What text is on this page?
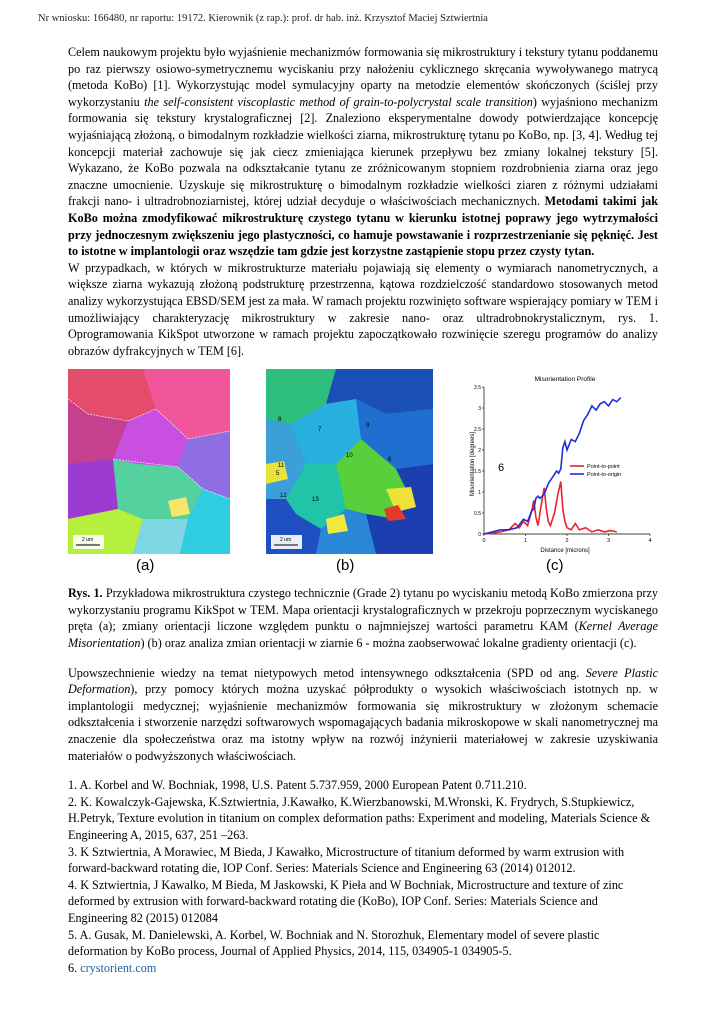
Nr wniosku: 166480, nr raportu: 19172. Kierownik (z rap.): prof. dr hab. inż. Krzysztof Maciej Sztwiertnia

Celem naukowym projektu było wyjaśnienie mechanizmów formowania się mikrostruktury i tekstury tytanu poddanemu po raz pierwszy osiowo-symetrycznemu wyciskaniu przy nałożeniu cyklicznego skręcania wywoływanego matrycą (metoda KoBo) [1]. Wykorzystując model symulacyjny oparty na metodzie elementów skończonych (ściślej przy wykorzystaniu the self-consistent viscoplastic method of grain-to-polycrystal scale transition) wyjaśniono mechanizm formowania się tekstury krystalograficznej [2]. Znaleziono eksperymentalne dowody potwierdzające koncepcję wyjaśniającą złożoną, o bimodalnym rozkładzie wielkości ziarna, mikrostrukturę tytanu po KoBo, np. [3, 4]. Według tej koncepcji materiał zachowuje się jak ciecz zmieniająca kierunek przepływu bez zmiany lokalnej tekstury [5]. Wykazano, że KoBo pozwala na odkształcanie tytanu ze zróżnicowanym stopniem rozdrobnienia ziarna oraz jego znaczne umocnienie. Uzyskuje się mikrostrukturę o bimodalnym rozkładzie wielkości ziaren z różnymi udziałami frakcji nano- i ultradrobnoziarnistej, której udział decyduje o właściwościach mechanicznych. Metodami takimi jak KoBo można zmodyfikować mikrostrukturę czystego tytanu w kierunku istotnej poprawy jego wytrzymałości przy jednoczesnym zwiększeniu jego plastyczności, co hamuje powstawanie i rozprzestrzenianie się pęknięć. Jest to istotne w implantologii oraz wszędzie tam gdzie jest korzystne zastąpienie stopu przez czysty tytan.

W przypadkach, w których w mikrostrukturze materiału pojawiają się elementy o wymiarach nanometrycznych, a większe ziarna wykazują złożoną podstrukturę przestrzenna, kątowa rozdzielczość standardowo stosowanych metod analizy wykorzystująca EBSD/SEM jest za mała. W ramach projektu rozwinięto software wspierający pomiary w TEM i umożliwiający charakteryzację mikrostruktury w zakresie nano- oraz ultradrobnokrystalicznym, rys. 1. Oprogramowania KikSpot utworzone w ramach projektu zapoczątkowało rozwinięcie szeregu programów do analizy obrazów dyfrakcyjnych w TEM [6].

2 um
5
6
7
8
9
10
11
12
13
2 um
Misorientation Profile
Misorientation [degrees]
Distance [microns]
6
0	1	2	3	4
0
0.5
1
1.5
2
2.5
3
3.5
Point-to-point
Point-to-origin
(a)	(b)	(c)

Rys. 1. Przykładowa mikrostruktura czystego technicznie (Grade 2) tytanu po wyciskaniu metodą KoBo zmierzona przy wykorzystaniu programu KikSpot w TEM. Mapa orientacji krystalograficznych w przekroju poprzecznym wyciskanego pręta (a); zmiany orientacji liczone względem punktu o najmniejszej wartości parametru KAM (Kernel Average Misorientation) (b) oraz analiza zmian orientacji w ziarnie 6 - można zaobserwować lokalne gradienty orientacji (c).

Upowszechnienie wiedzy na temat nietypowych metod intensywnego odkształcenia (SPD od ang. Severe Plastic Deformation), przy pomocy których można uzyskać półprodukty o wysokich właściwościach istotnych np. w implantologii medycznej; wyjaśnienie mechanizmów formowania się mikrostruktury w złożonym schemacie odkształcenia i stworzenie narzędzi softwarowych wspomagających badania mikroskopowe w skali nanometrycznej ma znaczenie dla społeczeństwa oraz ma istotny wpływ na rozwój inżynierii materiałowej w zakresie uzyskiwania materiałów o podwyższonych właściwościach.

1. A. Korbel and W. Bochniak, 1998, U.S. Patent 5.737.959, 2000 European Patent 0.711.210.

2. K. Kowalczyk-Gajewska, K.Sztwiertnia, J.Kawałko, K.Wierzbanowski, M.Wronski, K. Frydrych, S.Stupkiewicz, H.Petryk, Texture evolution in titanium on complex deformation paths: Experiment and modeling, Materials Science & Engineering A, 2015, 637, 251 –263.

3. K Sztwiertnia, A Morawiec, M Bieda, J Kawałko, Microstructure of titanium deformed by warm extrusion with forward-backward rotating die, IOP Conf. Series: Materials Science and Engineering 63 (2014) 012012.

4. K Sztwiertnia, J Kawalko, M Bieda, M Jaskowski, K Pieła and W Bochniak, Microstructure and texture of zinc deformed by extrusion with forward-backward rotating die (KoBo), IOP Conf. Series: Materials Science and Engineering 82 (2015) 012084

5. A. Gusak, M. Danielewski, A. Korbel, W. Bochniak and N. Storozhuk, Elementary model of severe plastic deformation by KoBo process, Journal of Applied Physics, 2014, 115, 034905-1 034905-5.

6. crystorient.com
